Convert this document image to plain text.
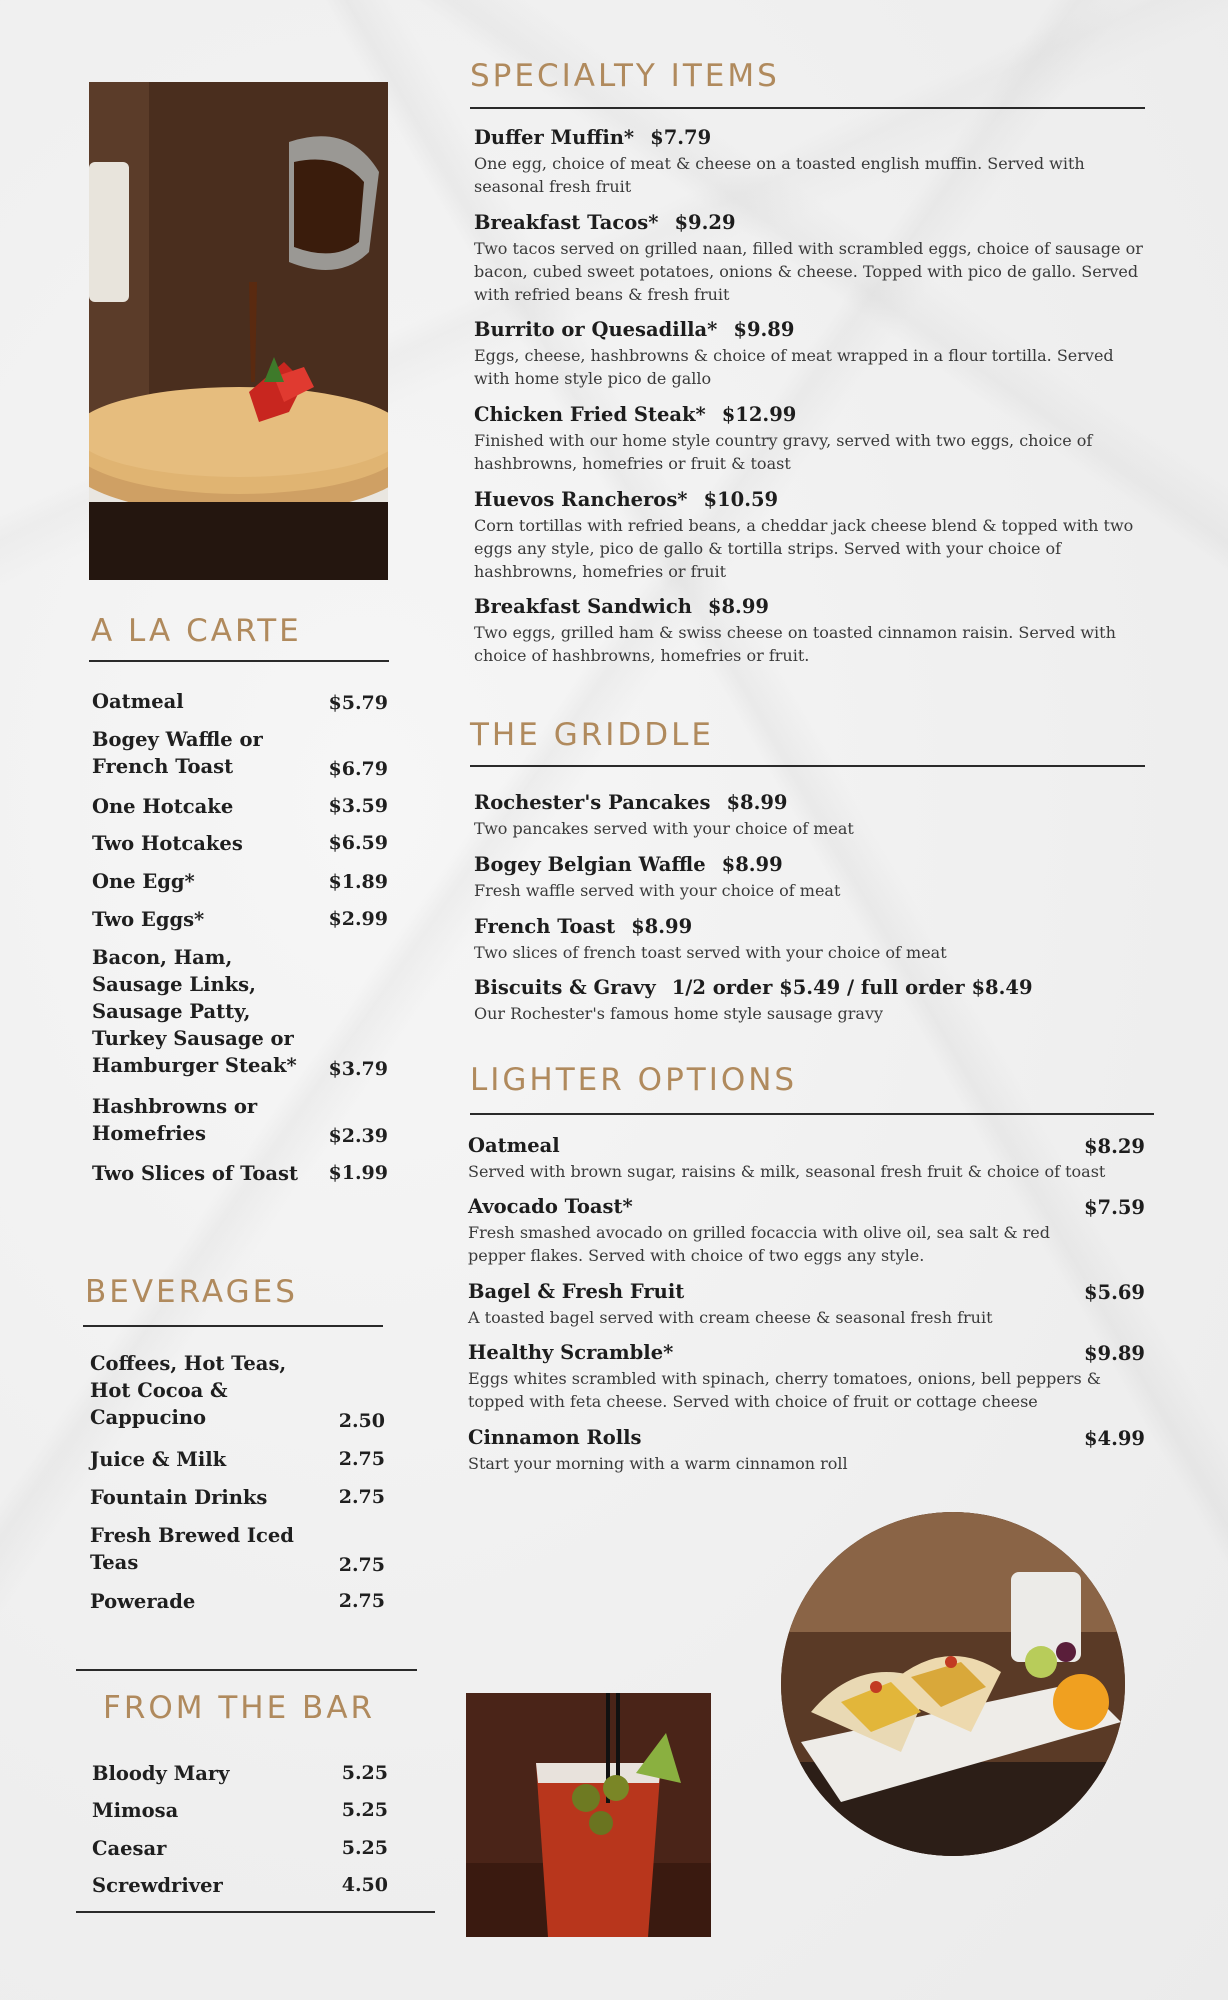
A LA CARTE
Oatmeal	$5.79
Bogey Waffle or
French Toast	$6.79
One Hotcake	$3.59
Two Hotcakes	$6.59
One Egg*	$1.89
Two Eggs*	$2.99
Bacon, Ham,
Sausage Links,
Sausage Patty,
Turkey Sausage or
Hamburger Steak* $3.79
Hashbrowns or
Homefries	$2.39
Two Slices of Toast $1.99
BEVERAGES
Coffees, Hot Teas,
Hot Cocoa &
Cappucino	2.50
Juice & Milk	2.75
Fountain Drinks	2.75
Fresh Brewed Iced
Teas	2.75
Powerade	2.75
FROM THE BAR
Bloody Mary	5.25
Mimosa	5.25
Caesar	5.25
Screwdriver	4.50
SPECIALTY ITEMS
Duffer Muffin* $7.79
One egg, choice of meat & cheese on a toasted english muffin. Served with seasonal fresh fruit
Breakfast Tacos* $9.29
Two tacos served on grilled naan, filled with scrambled eggs, choice of sausage or bacon, cubed sweet potatoes, onions & cheese. Topped with pico de gallo. Served with refried beans & fresh fruit
Burrito or Quesadilla* $9.89
Eggs, cheese, hashbrowns & choice of meat wrapped in a flour tortilla. Served with home style pico de gallo
Chicken Fried Steak* $12.99
Finished with our home style country gravy, served with two eggs, choice of hashbrowns, homefries or fruit & toast
Huevos Rancheros* $10.59
Corn tortillas with refried beans, a cheddar jack cheese blend & topped with two eggs any style, pico de gallo & tortilla strips. Served with your choice of hashbrowns, homefries or fruit
Breakfast Sandwich $8.99
Two eggs, grilled ham & swiss cheese on toasted cinnamon raisin. Served with choice of hashbrowns, homefries or fruit.
THE GRIDDLE
Rochester's Pancakes $8.99
Two pancakes served with your choice of meat
Bogey Belgian Waffle $8.99
Fresh waffle served with your choice of meat
French Toast $8.99
Two slices of french toast served with your choice of meat
Biscuits & Gravy 1/2 order $5.49 / full order $8.49
Our Rochester's famous home style sausage gravy
LIGHTER OPTIONS
Oatmeal	$8.29
Served with brown sugar, raisins & milk, seasonal fresh fruit & choice of toast
Avocado Toast*	$7.59
Fresh smashed avocado on grilled focaccia with olive oil, sea salt & red pepper flakes. Served with choice of two eggs any style.
Bagel & Fresh Fruit	$5.69
A toasted bagel served with cream cheese & seasonal fresh fruit
Healthy Scramble*	$9.89
Eggs whites scrambled with spinach, cherry tomatoes, onions, bell peppers & topped with feta cheese. Served with choice of fruit or cottage cheese
Cinnamon Rolls	$4.99
Start your morning with a warm cinnamon roll
